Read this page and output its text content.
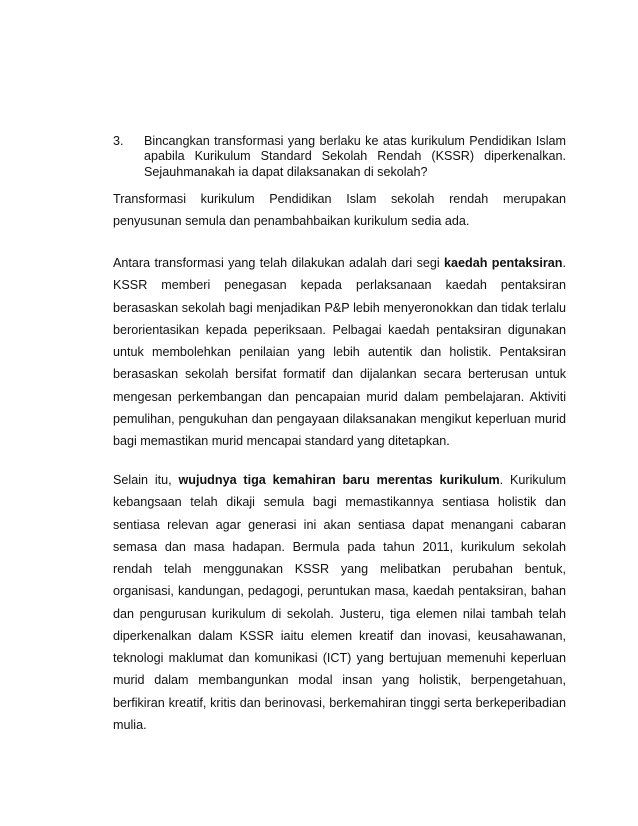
3. Bincangkan transformasi yang berlaku ke atas kurikulum Pendidikan Islam apabila Kurikulum Standard Sekolah Rendah (KSSR) diperkenalkan. Sejauhmanakah ia dapat dilaksanakan di sekolah?

Transformasi kurikulum Pendidikan Islam sekolah rendah merupakan penyusunan semula dan penambahbaikan kurikulum sedia ada.

Antara transformasi yang telah dilakukan adalah dari segi kaedah pentaksiran. KSSR memberi penegasan kepada perlaksanaan kaedah pentaksiran berasaskan sekolah bagi menjadikan P&P lebih menyeronokkan dan tidak terlalu berorientasikan kepada peperiksaan. Pelbagai kaedah pentaksiran digunakan untuk membolehkan penilaian yang lebih autentik dan holistik. Pentaksiran berasaskan sekolah bersifat formatif dan dijalankan secara berterusan untuk mengesan perkembangan dan pencapaian murid dalam pembelajaran. Aktiviti pemulihan, pengukuhan dan pengayaan dilaksanakan mengikut keperluan murid bagi memastikan murid mencapai standard yang ditetapkan.

Selain itu, wujudnya tiga kemahiran baru merentas kurikulum. Kurikulum kebangsaan telah dikaji semula bagi memastikannya sentiasa holistik dan sentiasa relevan agar generasi ini akan sentiasa dapat menangani cabaran semasa dan masa hadapan. Bermula pada tahun 2011, kurikulum sekolah rendah telah menggunakan KSSR yang melibatkan perubahan bentuk, organisasi, kandungan, pedagogi, peruntukan masa, kaedah pentaksiran, bahan dan pengurusan kurikulum di sekolah. Justeru, tiga elemen nilai tambah telah diperkenalkan dalam KSSR iaitu elemen kreatif dan inovasi, keusahawanan, teknologi maklumat dan komunikasi (ICT) yang bertujuan memenuhi keperluan murid dalam membangunkan modal insan yang holistik, berpengetahuan, berfikiran kreatif, kritis dan berinovasi, berkemahiran tinggi serta berkeperibadian mulia.
